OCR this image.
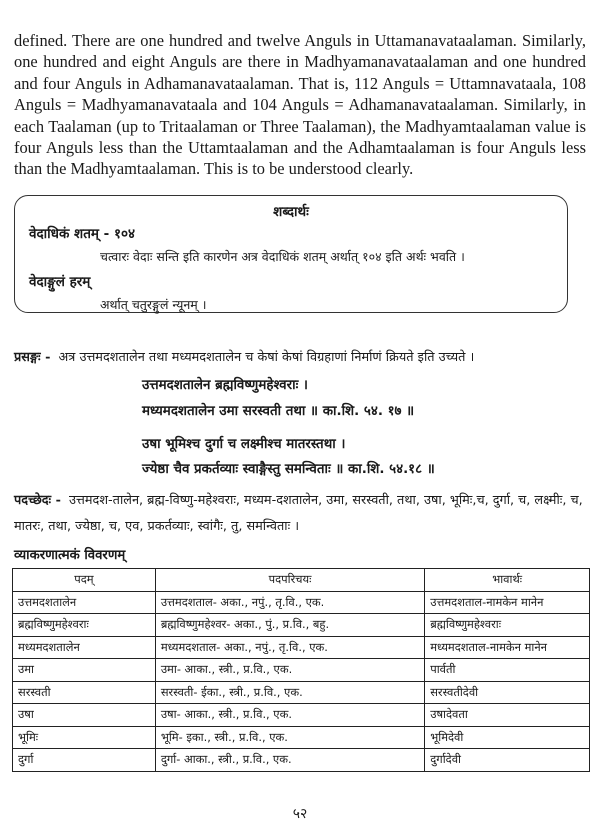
defined. There are one hundred and twelve Anguls in Uttamanavataalaman. Similarly, one hundred and eight Anguls are there in Madhyamanavataalaman and one hundred and four Anguls in Adhamanavataalaman. That is, 112 Anguls = Uttamnavataala, 108 Anguls = Madhyamanavataala and 104 Anguls = Adhamanavataalaman. Similarly, in each Taalaman (up to Tritaalaman or Three Taalaman), the Madhyamtaalaman value is four Anguls less than the Uttamtaalaman and the Adhamtaalaman is four Anguls less than the Madhyamtaalaman. This is to be understood clearly.

शब्दार्थः
वेदाधिकं शतम् - १०४
चत्वारः वेदाः सन्ति इति कारणेन अत्र वेदाधिकं शतम् अर्थात् १०४ इति अर्थः भवति ।
वेदाङ्गुलं हरम्
अर्थात् चतुरङ्गुलं न्यूनम् ।
प्रसङ्गः - अत्र उत्तमदशतालेन तथा मध्यमदशतालेन च केषां केषां विग्रहाणां निर्माणं क्रियते इति उच्यते ।
उत्तमदशतालेन ब्रह्मविष्णुमहेश्वराः ।
मध्यमदशतालेन उमा सरस्वती तथा ॥ का.शि. ५४. १७ ॥
उषा भूमिश्च दुर्गा च लक्ष्मीश्च मातरस्तथा ।
ज्येष्ठा चैव प्रकर्तव्याः स्वाङ्गैस्तु समन्विताः ॥ का.शि. ५४.१८ ॥
पदच्छेदः - उत्तमदश-तालेन, ब्रह्म-विष्णु-महेश्वराः, मध्यम-दशतालेन, उमा, सरस्वती, तथा, उषा, भूमिः,च, दुर्गा, च, लक्ष्मीः, च, मातरः, तथा, ज्येष्ठा, च, एव, प्रकर्तव्याः, स्वांगैः, तु, समन्विताः ।
व्याकरणात्मकं विवरणम्
पदम्	पदपरिचयः	भावार्थः
उत्तमदशतालेन	उत्तमदशताल- अका., नपुं., तृ.वि., एक.	उत्तमदशताल-नामकेन मानेन
ब्रह्मविष्णुमहेश्वराः	ब्रह्मविष्णुमहेश्वर- अका., पुं., प्र.वि., बहु.	ब्रह्मविष्णुमहेश्वराः
मध्यमदशतालेन	मध्यमदशताल- अका., नपुं., तृ.वि., एक.	मध्यमदशताल-नामकेन मानेन
उमा	उमा- आका., स्त्री., प्र.वि., एक.	पार्वती
सरस्वती	सरस्वती- ईका., स्त्री., प्र.वि., एक.	सरस्वतीदेवी
उषा	उषा- आका., स्त्री., प्र.वि., एक.	उषादेवता
भूमिः	भूमि- इका., स्त्री., प्र.वि., एक.	भूमिदेवी
दुर्गा	दुर्गा- आका., स्त्री., प्र.वि., एक.	दुर्गादेवी
५२
